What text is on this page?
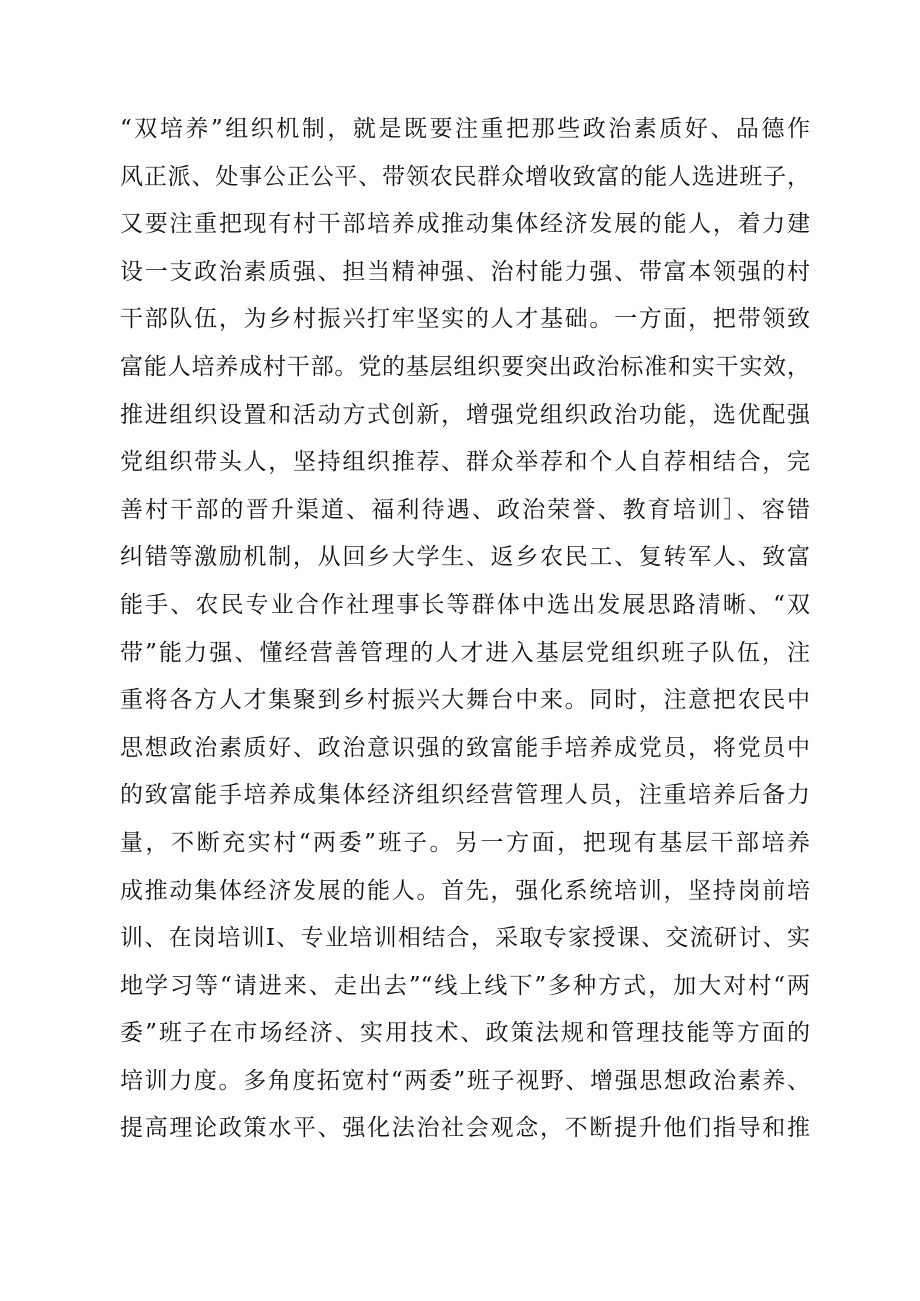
“双培养”组织机制，就是既要注重把那些政治素质好、品德作
风正派、处事公正公平、带领农民群众增收致富的能人选进班子，
又要注重把现有村干部培养成推动集体经济发展的能人，着力建
设一支政治素质强、担当精神强、治村能力强、带富本领强的村
干部队伍，为乡村振兴打牢坚实的人才基础。一方面，把带领致
富能人培养成村干部。党的基层组织要突出政治标准和实干实效，
推进组织设置和活动方式创新，增强党组织政治功能，选优配强
党组织带头人，坚持组织推荐、群众举荐和个人自荐相结合，完
善村干部的晋升渠道、福利待遇、政治荣誉、教育培训］、容错
纠错等激励机制，从回乡大学生、返乡农民工、复转军人、致富
能手、农民专业合作社理事长等群体中选出发展思路清晰、“双
带”能力强、懂经营善管理的人才进入基层党组织班子队伍，注
重将各方人才集聚到乡村振兴大舞台中来。同时，注意把农民中
思想政治素质好、政治意识强的致富能手培养成党员，将党员中
的致富能手培养成集体经济组织经营管理人员，注重培养后备力
量，不断充实村“两委”班子。另一方面，把现有基层干部培养
成推动集体经济发展的能人。首先，强化系统培训，坚持岗前培
训、在岗培训I、专业培训相结合，采取专家授课、交流研讨、实
地学习等“请进来、走出去”“线上线下”多种方式，加大对村“两
委”班子在市场经济、实用技术、政策法规和管理技能等方面的
培训力度。多角度拓宽村“两委”班子视野、增强思想政治素养、
提高理论政策水平、强化法治社会观念，不断提升他们指导和推
